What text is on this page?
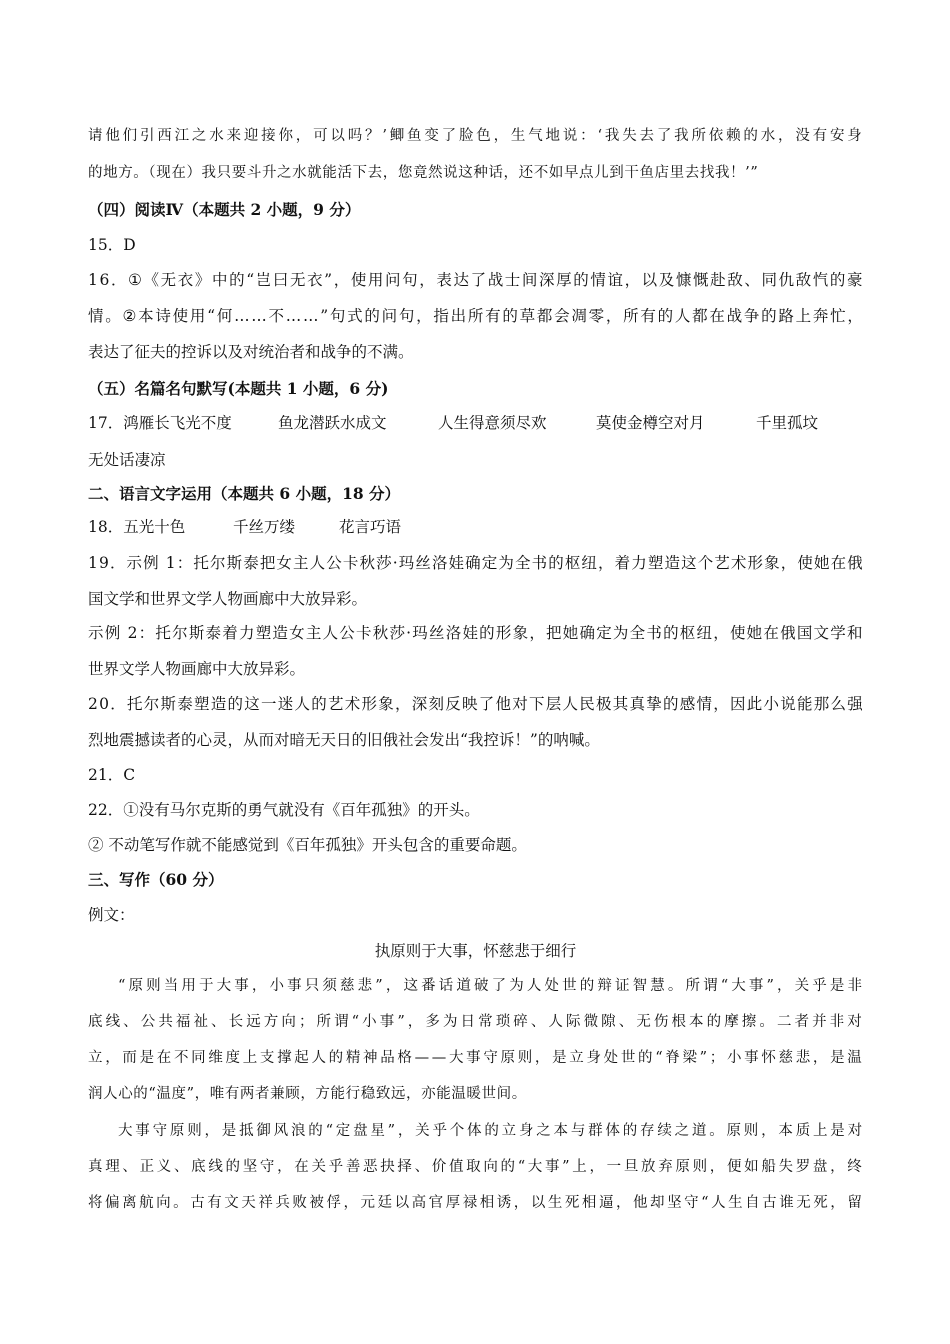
请 他 们 引 西 江 之 水 来 迎 接 你 ， 可 以 吗 ？ ’ 鲫 鱼 变 了 脸 色 ， 生 气 地 说 ： ‘ 我 失 去 了 我 所 依 赖 的 水 ， 没 有 安 身
的地方。（现在）我只要斗升之水就能活下去，您竟然说这种话，还不如早点儿到干鱼店里去找我！’”
（四）阅读Ⅳ（本题共 2 小题，9 分）
15．D
1 6 ． ① 《 无 衣 》 中 的 “ 岂 曰 无 衣 ” ， 使 用 问 句 ， 表 达 了 战 士 间 深 厚 的 情 谊 ， 以 及 慷 慨 赴 敌 、 同 仇 敌 忾 的 豪
情 。 ② 本 诗 使 用 “ 何 … … 不 … … ” 句 式 的 问 句 ， 指 出 所 有 的 草 都 会 凋 零 ， 所 有 的 人 都 在 战 争 的 路 上 奔 忙 ，
表达了征夫的控诉以及对统治者和战争的不满。
（五）名篇名句默写(本题共 1 小题，6 分)
17．鸿雁长飞光不度	鱼龙潜跃水成文	人生得意须尽欢	莫使金樽空对月	千里孤坟
无处话凄凉
二、语言文字运用（本题共 6 小题，18 分）
18．五光十色	千丝万缕	花言巧语
1 9 ． 示 例
1 ： 托 尔 斯 泰 把 女 主 人 公 卡 秋 莎 · 玛 丝 洛 娃 确 定 为 全 书 的 枢 纽 ， 着 力 塑 造 这 个 艺 术 形 象 ， 使 她 在 俄
国文学和世界文学人物画廊中大放异彩。
示 例
2 ： 托 尔 斯 泰 着 力 塑 造 女 主 人 公 卡 秋 莎 · 玛 丝 洛 娃 的 形 象 ， 把 她 确 定 为 全 书 的 枢 纽 ， 使 她 在 俄 国 文 学 和
世界文学人物画廊中大放异彩。
2 0 ． 托 尔 斯 泰 塑 造 的 这 一 迷 人 的 艺 术 形 象 ， 深 刻 反 映 了 他 对 下 层 人 民 极 其 真 挚 的 感 情 ， 因 此 小 说 能 那 么 强
烈地震撼读者的心灵，从而对暗无天日的旧俄社会发出“我控诉！”的呐喊。
21．C
22．①没有马尔克斯的勇气就没有《百年孤独》的开头。
② 不动笔写作就不能感觉到《百年孤独》开头包含的重要命题。
三、写作（60 分）
例文：
执原则于大事，怀慈悲于细行
“ 原 则 当 用 于 大 事 ， 小 事 只 须 慈 悲 ” ， 这 番 话 道 破 了 为 人 处 世 的 辩 证 智 慧 。 所 谓 “ 大 事 ” ， 关 乎 是 非
底 线 、 公 共 福 祉 、 长 远 方 向 ； 所 谓 “ 小 事 ” ， 多 为 日 常 琐 碎 、 人 际 微 隙 、 无 伤 根 本 的 摩 擦 。 二 者 并 非 对
立 ， 而 是 在 不 同 维 度 上 支 撑 起 人 的 精 神 品 格 — — 大 事 守 原 则 ， 是 立 身 处 世 的 “ 脊 梁 ” ； 小 事 怀 慈 悲 ， 是 温
润人心的“温度”，唯有两者兼顾，方能行稳致远，亦能温暖世间。
大 事 守 原 则 ， 是 抵 御 风 浪 的 “ 定 盘 星 ” ， 关 乎 个 体 的 立 身 之 本 与 群 体 的 存 续 之 道 。 原 则 ， 本 质 上 是 对
真 理 、 正 义 、 底 线 的 坚 守 ， 在 关 乎 善 恶 抉 择 、 价 值 取 向 的 “ 大 事 ” 上 ， 一 旦 放 弃 原 则 ， 便 如 船 失 罗 盘 ， 终
将 偏 离 航 向 。 古 有 文 天 祥 兵 败 被 俘 ， 元 廷 以 高 官 厚 禄 相 诱 ， 以 生 死 相 逼 ， 他 却 坚 守 “ 人 生 自 古 谁 无 死 ， 留
